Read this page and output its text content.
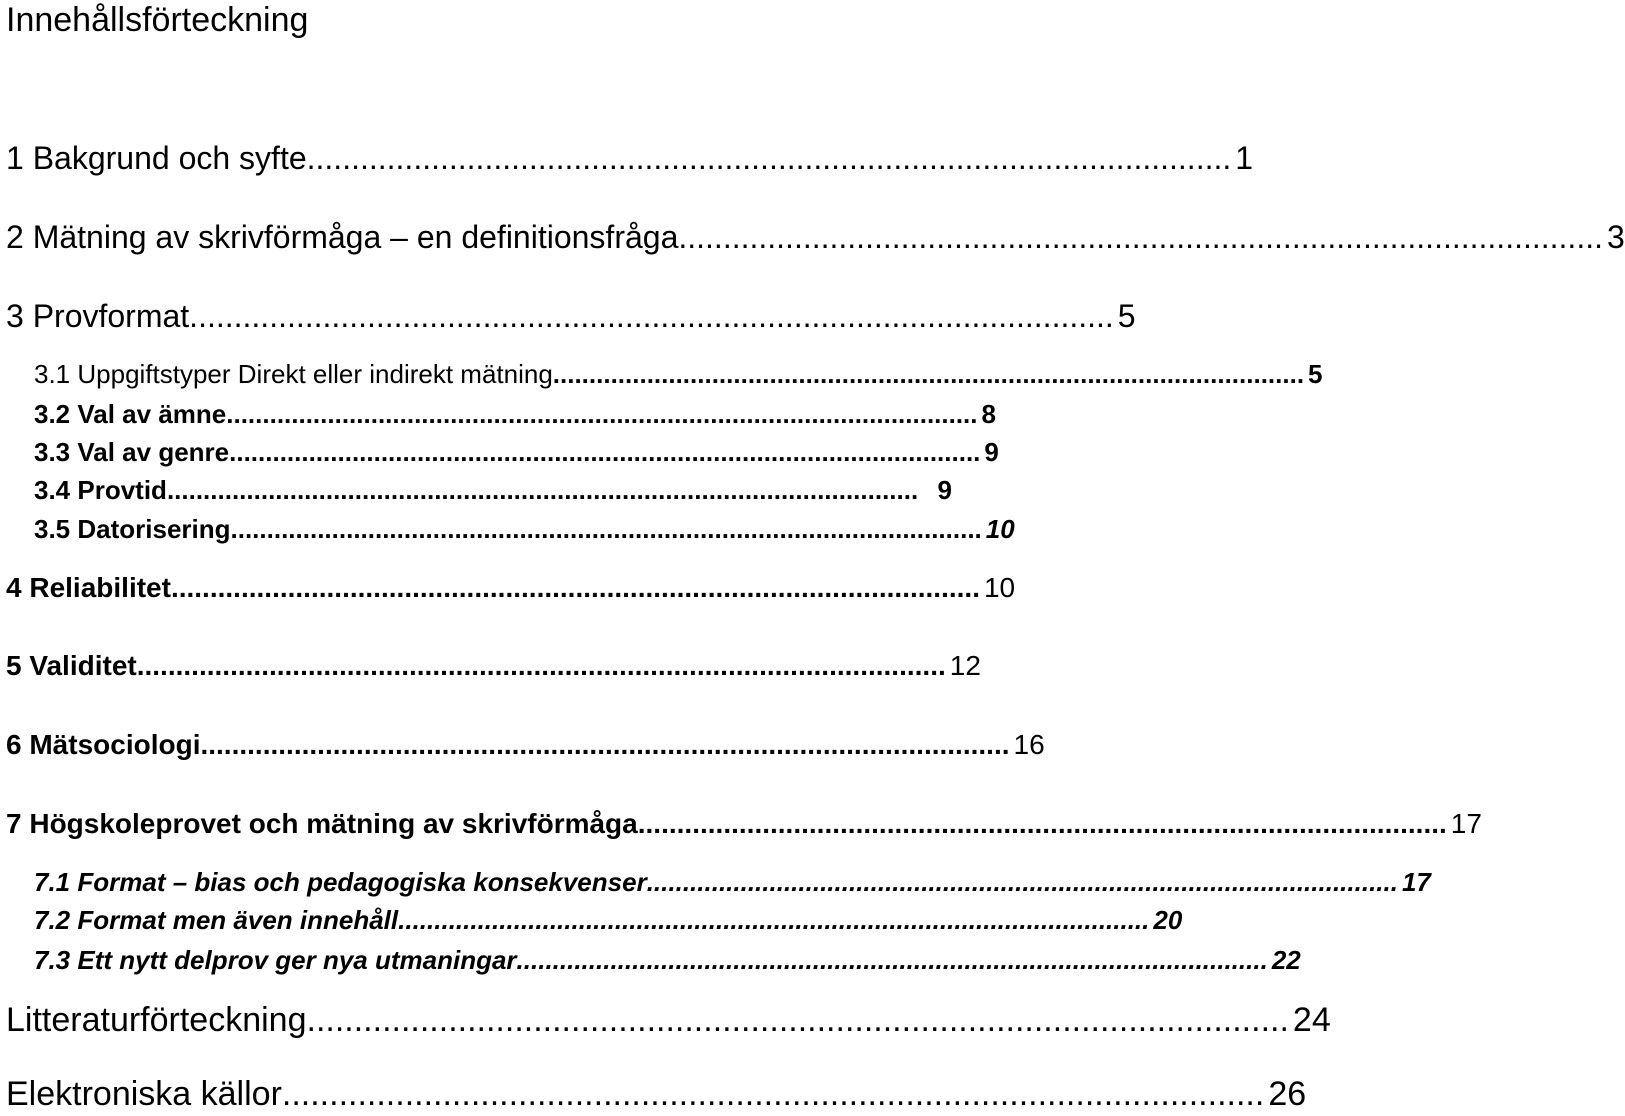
Innehållsförteckning
1 Bakgrund och syfte ........................................................................................................ 1
2 Mätning av skrivförmåga – en definitionsfråga ........................................................................................................ 3
3 Provformat ........................................................................................................ 5
3.1 Uppgiftstyper Direkt eller indirekt mätning ........................................................................................................ 5
3.2 Val av ämne ........................................................................................................ 8
3.3 Val av genre ........................................................................................................ 9
3.4 Provtid ........................................................................................................ 9
3.5 Datorisering ........................................................................................................ 10
4 Reliabilitet ........................................................................................................ 10
5 Validitet ........................................................................................................ 12
6 Mätsociologi ........................................................................................................ 16
7 Högskoleprovet och mätning av skrivförmåga ........................................................................................................ 17
7.1 Format – bias och pedagogiska konsekvenser ........................................................................................................ 17
7.2 Format men även innehåll ........................................................................................................ 20
7.3 Ett nytt delprov ger nya utmaningar ........................................................................................................ 22
Litteraturförteckning ........................................................................................................ 24
Elektroniska källor ........................................................................................................ 26
